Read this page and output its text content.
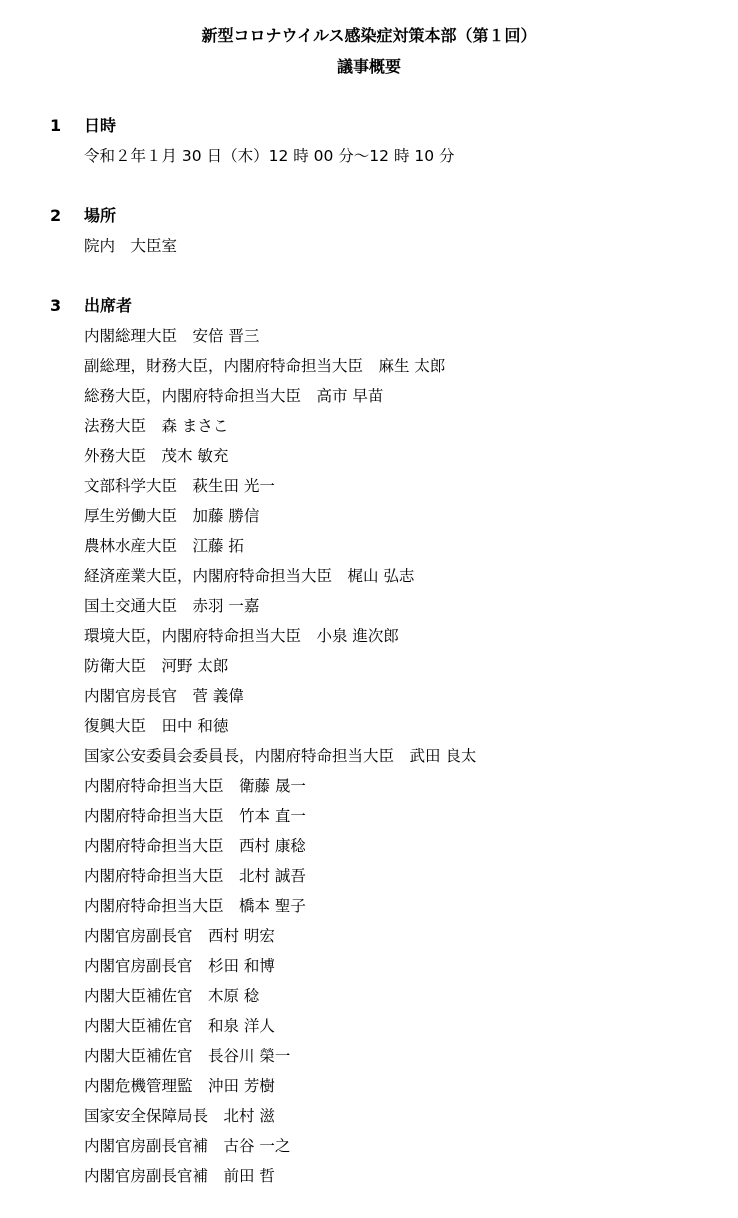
新型コロナウイルス感染症対策本部（第１回）
議事概要
1 日時
令和２年１月 30 日（木）12 時 00 分～12 時 10 分
2 場所
院内　大臣室
3 出席者
内閣総理大臣　安倍 晋三
副総理，財務大臣，内閣府特命担当大臣　麻生 太郎
総務大臣，内閣府特命担当大臣　高市 早苗
法務大臣　森 まさこ
外務大臣　茂木 敏充
文部科学大臣　萩生田 光一
厚生労働大臣　加藤 勝信
農林水産大臣　江藤 拓
経済産業大臣，内閣府特命担当大臣　梶山 弘志
国土交通大臣　赤羽 一嘉
環境大臣，内閣府特命担当大臣　小泉 進次郎
防衛大臣　河野 太郎
内閣官房長官　菅 義偉
復興大臣　田中 和徳
国家公安委員会委員長，内閣府特命担当大臣　武田 良太
内閣府特命担当大臣　衛藤 晟一
内閣府特命担当大臣　竹本 直一
内閣府特命担当大臣　西村 康稔
内閣府特命担当大臣　北村 誠吾
内閣府特命担当大臣　橋本 聖子
内閣官房副長官　西村 明宏
内閣官房副長官　杉田 和博
内閣大臣補佐官　木原 稔
内閣大臣補佐官　和泉 洋人
内閣大臣補佐官　長谷川 榮一
内閣危機管理監　沖田 芳樹
国家安全保障局長　北村 滋
内閣官房副長官補　古谷 一之
内閣官房副長官補　前田 哲
